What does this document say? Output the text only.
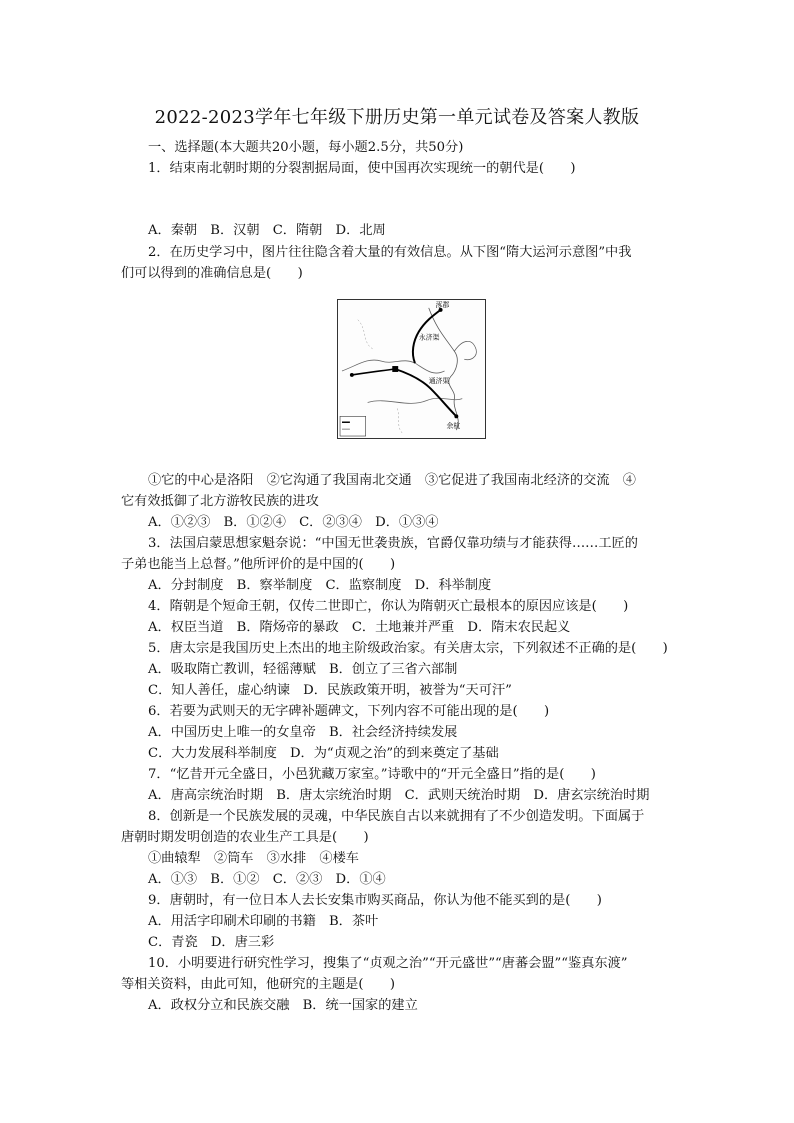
2022-2023学年七年级下册历史第一单元试卷及答案人教版
一、选择题(本大题共20小题，每小题2.5分，共50分)
1．结束南北朝时期的分裂割据局面，使中国再次实现统一的朝代是(　　)
A．秦朝　B．汉朝　C．隋朝　D．北周
2．在历史学习中，图片往往隐含着大量的有效信息。从下图“隋大运河示意图”中我
们可以得到的准确信息是(　　)
涿郡
永济渠
通济渠
余杭
①它的中心是洛阳　②它沟通了我国南北交通　③它促进了我国南北经济的交流　④
它有效抵御了北方游牧民族的进攻
A．①②③　B．①②④　C．②③④　D．①③④
3．法国启蒙思想家魁奈说：“中国无世袭贵族，官爵仅靠功绩与才能获得……工匠的
子弟也能当上总督。”他所评价的是中国的(　　)
A．分封制度　B．察举制度　C．监察制度　D．科举制度
4．隋朝是个短命王朝，仅传二世即亡，你认为隋朝灭亡最根本的原因应该是(　　)
A．权臣当道　B．隋炀帝的暴政　C．土地兼并严重　D．隋末农民起义
5．唐太宗是我国历史上杰出的地主阶级政治家。有关唐太宗，下列叙述不正确的是(　　)
A．吸取隋亡教训，轻徭薄赋　B．创立了三省六部制
C．知人善任，虚心纳谏　D．民族政策开明，被誉为“天可汗”
6．若要为武则天的无字碑补题碑文，下列内容不可能出现的是(　　)
A．中国历史上唯一的女皇帝　B．社会经济持续发展
C．大力发展科举制度　D．为“贞观之治”的到来奠定了基础
7．“忆昔开元全盛日，小邑犹藏万家室。”诗歌中的“开元全盛日”指的是(　　)
A．唐高宗统治时期　B．唐太宗统治时期　C．武则天统治时期　D．唐玄宗统治时期
8．创新是一个民族发展的灵魂，中华民族自古以来就拥有了不少创造发明。下面属于
唐朝时期发明创造的农业生产工具是(　　)
①曲辕犁　②筒车　③水排　④楼车
A．①③　B．①②　C．②③　D．①④
9．唐朝时，有一位日本人去长安集市购买商品，你认为他不能买到的是(　　)
A．用活字印刷术印刷的书籍　B．茶叶
C．青瓷　D．唐三彩
10．小明要进行研究性学习，搜集了“贞观之治”“开元盛世”“唐蕃会盟”“鉴真东渡”
等相关资料，由此可知，他研究的主题是(　　)
A．政权分立和民族交融　B．统一国家的建立
